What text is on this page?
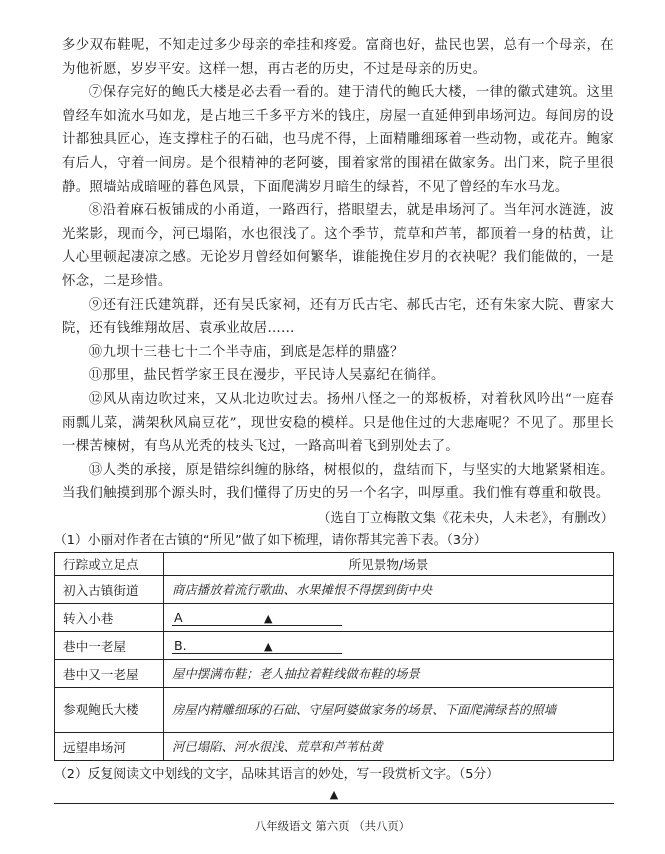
多少双布鞋呢，不知走过多少母亲的牵挂和疼爱。富商也好，盐民也罢，总有一个母亲，在为他祈愿，岁岁平安。这样一想，再古老的历史，不过是母亲的历史。

⑦保存完好的鲍氏大楼是必去看一看的。建于清代的鲍氏大楼，一律的徽式建筑。这里曾经车如流水马如龙，是占地三千多平方米的钱庄，房屋一直延伸到串场河边。每间房的设计都独具匠心，连支撑柱子的石础，也马虎不得，上面精雕细琢着一些动物，或花卉。鲍家有后人，守着一间房。是个很精神的老阿婆，围着家常的围裙在做家务。出门来，院子里很静。照墙站成暗哑的暮色风景，下面爬满岁月暗生的绿苔，不见了曾经的车水马龙。

⑧沿着麻石板铺成的小甬道，一路西行，搭眼望去，就是串场河了。当年河水涟涟，波光桨影，现而今，河已塌陷，水也很浅了。这个季节，荒草和芦苇，都顶着一身的枯黄，让人心里顿起凄凉之感。无论岁月曾经如何繁华，谁能挽住岁月的衣袂呢？我们能做的，一是怀念，二是珍惜。

⑨还有汪氏建筑群，还有吴氏家祠，还有万氏古宅、郝氏古宅，还有朱家大院、曹家大院，还有钱维翔故居、袁承业故居……

⑩九坝十三巷七十二个半寺庙，到底是怎样的鼎盛？

⑪那里，盐民哲学家王艮在漫步，平民诗人吴嘉纪在徜徉。

⑫风从南边吹过来，又从北边吹过去。扬州八怪之一的郑板桥，对着秋风吟出“一庭春雨瓢儿菜，满架秋风扁豆花”，现世安稳的模样。只是他住过的大悲庵呢？不见了。那里长一棵苦楝树，有鸟从光秃的枝头飞过，一路高叫着飞到别处去了。

⑬人类的承接，原是错综纠缠的脉络，树根似的，盘结而下，与坚实的大地紧紧相连。当我们触摸到那个源头时，我们懂得了历史的另一个名字，叫厚重。我们惟有尊重和敬畏。

（选自丁立梅散文集《花未央，人未老》，有删改）

（1）小丽对作者在古镇的“所见”做了如下梳理，请你帮其完善下表。（3分）

行踪或立足点	所见景物/场景
初入古镇街道	商店播放着流行歌曲、水果摊恨不得摆到街中央
转入小巷	A ▲

巷中一老屋	B. ▲

巷中又一老屋	屋中摆满布鞋；老人抽拉着鞋线做布鞋的场景
参观鲍氏大楼	房屋内精雕细琢的石础、守屋阿婆做家务的场景、下面爬满绿苔的照墙
远望串场河	河已塌陷、河水很浅、荒草和芦苇枯黄

（2）反复阅读文中划线的文字，品味其语言的妙处，写一段赏析文字。（5分）

▲
八年级语文 第六页 （共八页）
